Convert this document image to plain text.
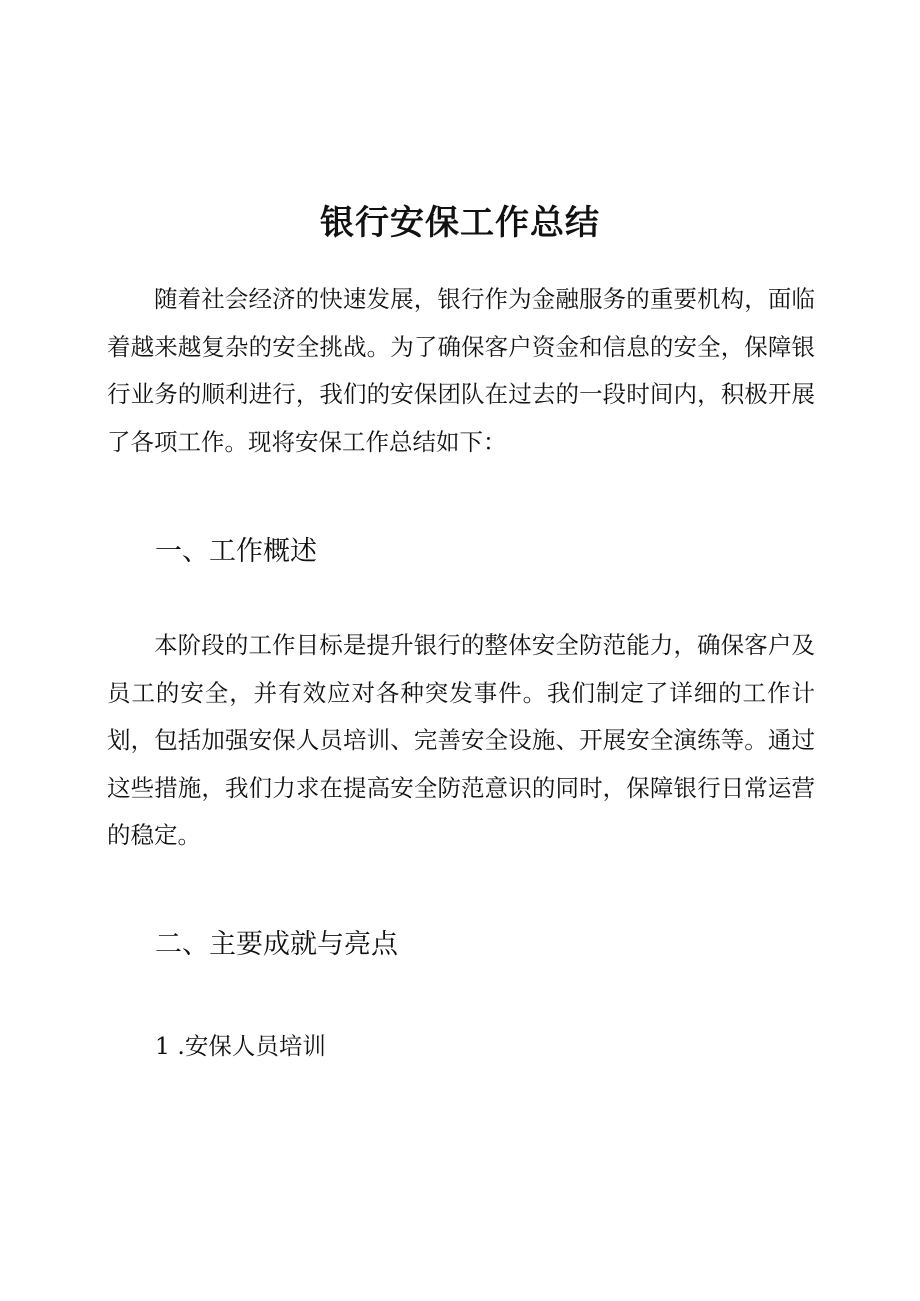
银行安保工作总结

随着社会经济的快速发展，银行作为金融服务的重要机构，面临着越来越复杂的安全挑战。为了确保客户资金和信息的安全，保障银行业务的顺利进行，我们的安保团队在过去的一段时间内，积极开展了各项工作。现将安保工作总结如下：

一、工作概述

本阶段的工作目标是提升银行的整体安全防范能力，确保客户及员工的安全，并有效应对各种突发事件。我们制定了详细的工作计划，包括加强安保人员培训、完善安全设施、开展安全演练等。通过这些措施，我们力求在提高安全防范意识的同时，保障银行日常运营的稳定。

二、主要成就与亮点

1 .安保人员培训
